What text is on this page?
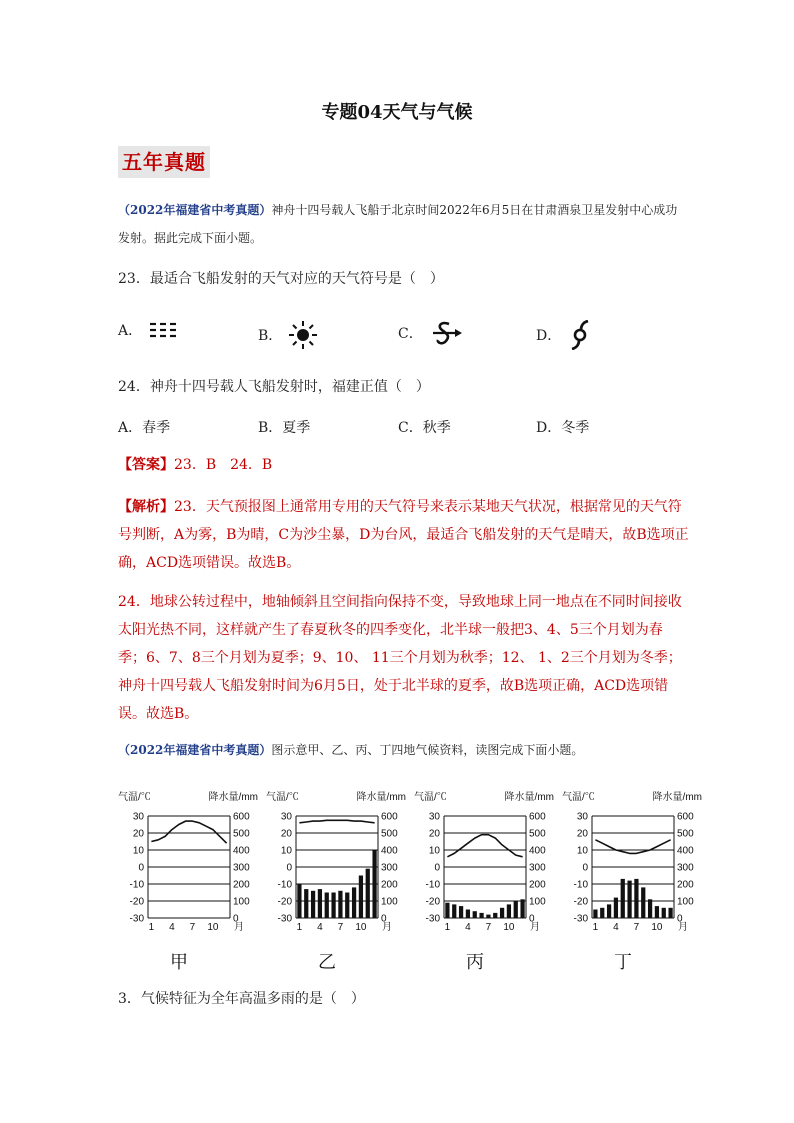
专题04天气与气候
五年真题
（2022年福建省中考真题）神舟十四号载人飞船于北京时间2022年6月5日在甘肃酒泉卫星发射中心成功发射。据此完成下面小题。
23．最适合飞船发射的天气对应的天气符号是（　）
A．	B．	C．	D．
24．神舟十四号载人飞船发射时，福建正值（　）
A．春季	B．夏季	C．秋季	D．冬季
【答案】23．B　24．B
【解析】23．天气预报图上通常用专用的天气符号来表示某地天气状况，根据常见的天气符号判断，A为雾，B为晴，C为沙尘暴，D为台风，最适合飞船发射的天气是晴天，故B选项正确，ACD选项错误。故选B。
24．地球公转过程中，地轴倾斜且空间指向保持不变，导致地球上同一地点在不同时间接收太阳光热不同，这样就产生了春夏秋冬的四季变化，北半球一般把3、4、5三个月划为春季；6、7、8三个月划为夏季；9、10、 11三个月划为秋季；12、 1、2三个月划为冬季；神舟十四号载人飞船发射时间为6月5日，处于北半球的夏季，故B选项正确，ACD选项错误。故选B。
（2022年福建省中考真题）图示意甲、乙、丙、丁四地气候资料，读图完成下面小题。
气温/℃	降水量/mm
30	600
20	500
10	400
0	300
-10	200
-20	100
-30	0
1 4 7 10 月
甲
气温/℃	降水量/mm
30	600
20	500
10	400
0	300
-10	200
-20	100
-30	0
1 4 7 10 月
乙
气温/℃	降水量/mm
30	600
20	500
10	400
0	300
-10	200
-20	100
-30	0
1 4 7 10 月
丙
气温/℃	降水量/mm
30	600
20	500
10	400
0	300
-10	200
-20	100
-30	0
1 4 7 10 月
丁
3．气候特征为全年高温多雨的是（　）
